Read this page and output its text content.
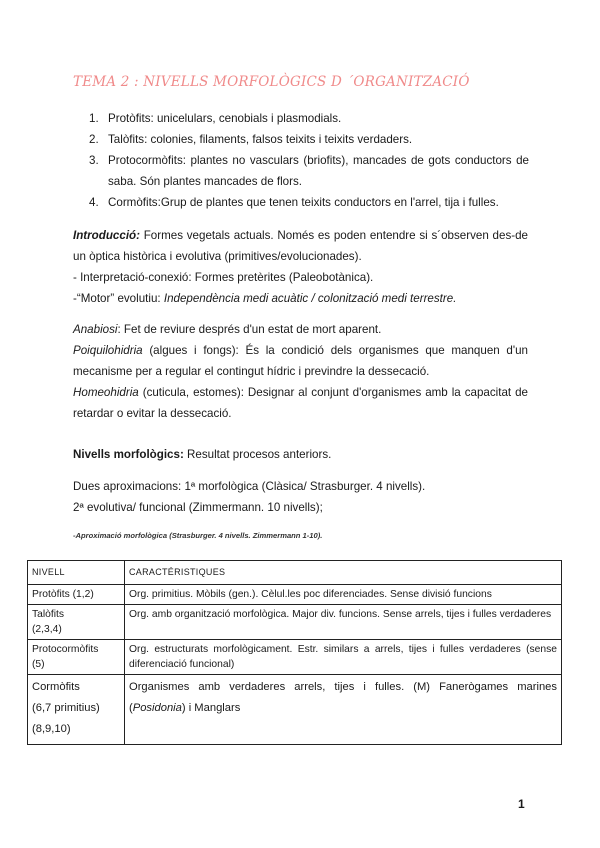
TEMA 2 : NIVELLS MORFOLÒGICS D ´ORGANITZACIÓ
1. Protòfits: unicelulars, cenobials i plasmodials.
2. Talòfits: colonies, filaments, falsos teixits i teixits verdaders.
3. Protocormòfits: plantes no vasculars (briofits), mancades de gots conductors de saba. Són plantes mancades de flors.
4. Cormòfits:Grup de plantes que tenen teixits conductors en l'arrel, tija i fulles.

Introducció: Formes vegetals actuals. Només es poden entendre si s´observen des-de un òptica històrica i evolutiva (primitives/evolucionades).

- Interpretació-conexió: Formes pretèrites (Paleobotànica).

-“Motor” evolutiu: Independència medi acuàtic / colonització medi terrestre.

Anabiosi: Fet de reviure després d'un estat de mort aparent.

Poiquilohidria (algues i fongs): És la condició dels organismes que manquen d'un mecanisme per a regular el contingut hídric i previndre la dessecació.

Homeohidria (cuticula, estomes): Designar al conjunt d'organismes amb la capacitat de retardar o evitar la dessecació.

Nivells morfològics: Resultat procesos anteriors.

Dues aproximacions: 1ª morfològica (Clàsica/ Strasburger. 4 nivells).

2ª evolutiva/ funcional (Zimmermann. 10 nivells);

-Aproximació morfològica (Strasburger. 4 nivells. Zimmermann 1-10).
NIVELL	CARACTÉRISTIQUES
Protòfits (1,2)	Org. primitius. Mòbils (gen.). Cèlul.les poc diferenciades. Sense divisió funcions
Talòfits
(2,3,4)	Org. amb organització morfològica. Major div. funcions. Sense arrels, tijes i fulles verdaderes
Protocormòfits
(5)	Org. estructurats morfològicament. Estr. similars a arrels, tijes i fulles verdaderes (sense diferenciació funcional)
Cormòfits
(6,7 primitius)
(8,9,10)	Organismes amb verdaderes arrels, tijes i fulles. (M) Fanerògames marines (Posidonia) i Manglars
1
